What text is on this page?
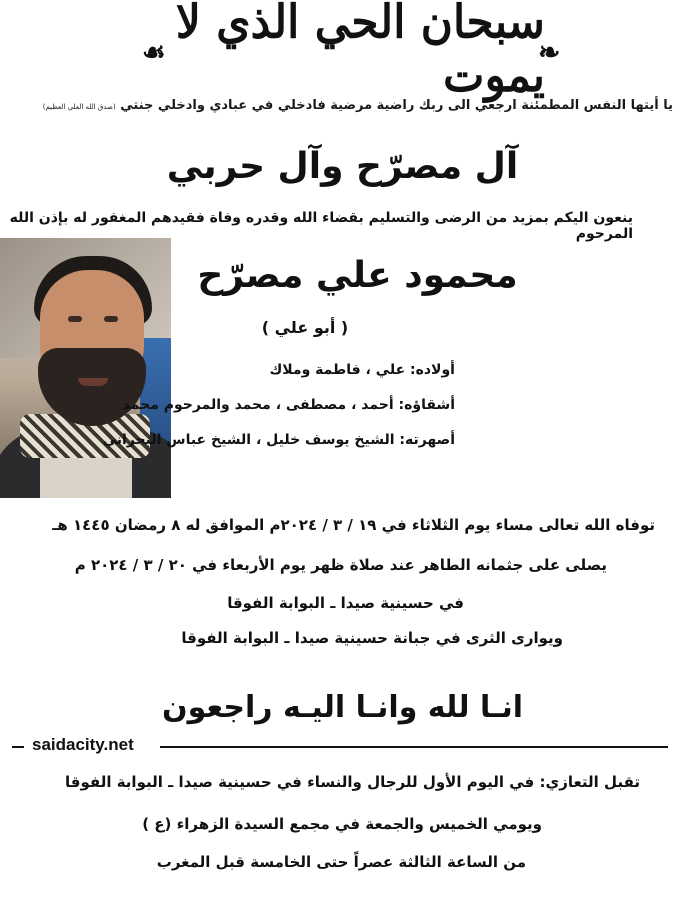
❧
سبحان الحي الذي لا يموت
☙
يا أيتها النفس المطمئنة ارجعي الى ربك راضية مرضية فادخلي في عبادي وادخلي جنتي (صدق الله العلي العظيم)
آل مصرّح وآل حربي
ينعون اليكم بمزيد من الرضى والتسليم بقضاء الله وقدره وفاة فقيدهم المغفور له بإذن الله المرحوم
محمود علي مصرّح
( أبو علي )
أولاده: علي ، فاطمة وملاك
أشقاؤه: أحمد ، مصطفى ، محمد والمرحوم محمد
أصهرته: الشيخ يوسف خليل ، الشيخ عباس البحراني
توفاه الله تعالى مساء يوم الثلاثاء في ١٩ / ٣ / ٢٠٢٤م الموافق له ٨ رمضان ١٤٤٥ هـ
يصلى على جثمانه الطاهر عند صلاة ظهر يوم الأربعاء في ٢٠ / ٣ / ٢٠٢٤ م
في حسينية صيدا ـ البوابة الفوقا
ويوارى الثرى في جبانة حسينية صيدا ـ البوابة الفوقا
انـا لله وانـا اليـه راجعون
saidacity.net
تقبل التعازي: في اليوم الأول للرجال والنساء في حسينية صيدا ـ البوابة الفوقا
ويومي الخميس والجمعة في مجمع السيدة الزهراء (ع )
من الساعة الثالثة عصراً حتى الخامسة قبل المغرب
